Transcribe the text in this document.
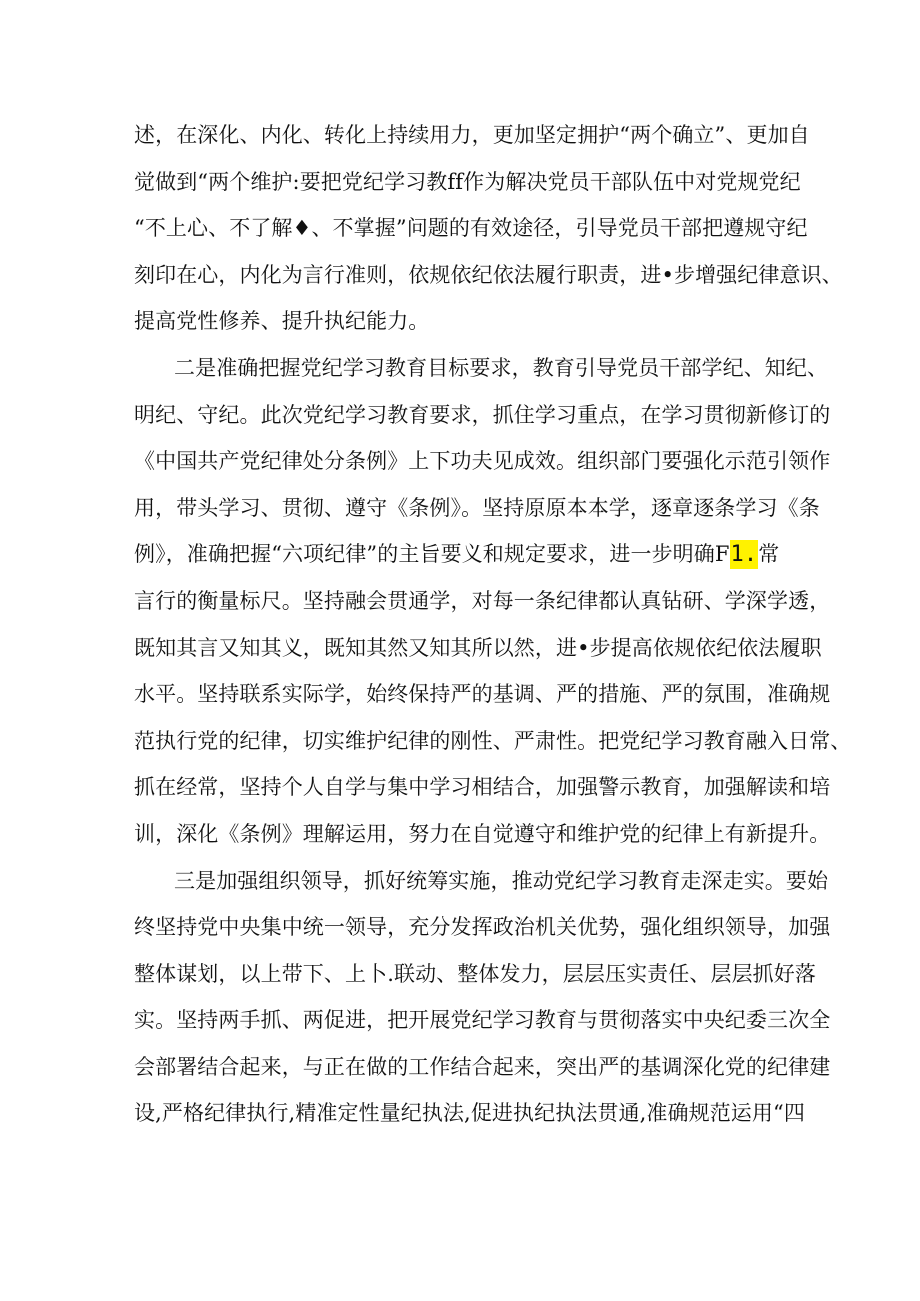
述，在深化、内化、转化上持续用力，更加坚定拥护“两个确立”、更加自
觉做到“两个维护:要把党纪学习教ff作为解决党员干部队伍中对党规党纪
“不上心、不了解♦、不掌握”问题的有效途径，引导党员干部把遵规守纪
刻印在心，内化为言行准则，依规依纪依法履行职责，进•步增强纪律意识、
提高党性修养、提升执纪能力。
二是准确把握党纪学习教育目标要求，教育引导党员干部学纪、知纪、
明纪、守纪。此次党纪学习教育要求，抓住学习重点，在学习贯彻新修订的
《中国共产党纪律处分条例》上下功夫见成效。组织部门要强化示范引领作
用，带头学习、贯彻、遵守《条例》。坚持原原本本学，逐章逐条学习《条
例》，准确把握“六项纪律”的主旨要义和规定要求，进一步明确F1.常
言行的衡量标尺。坚持融会贯通学，对每一条纪律都认真钻研、学深学透，
既知其言又知其义，既知其然又知其所以然，进•步提高依规依纪依法履职
水平。坚持联系实际学，始终保持严的基调、严的措施、严的氛围，准确规
范执行党的纪律，切实维护纪律的刚性、严肃性。把党纪学习教育融入日常、
抓在经常，坚持个人自学与集中学习相结合，加强警示教育，加强解读和培
训，深化《条例》理解运用，努力在自觉遵守和维护党的纪律上有新提升。
三是加强组织领导，抓好统筹实施，推动党纪学习教育走深走实。要始
终坚持党中央集中统一领导，充分发挥政治机关优势，强化组织领导，加强
整体谋划，以上带下、上卜.联动、整体发力，层层压实责任、层层抓好落
实。坚持两手抓、两促进，把开展党纪学习教育与贯彻落实中央纪委三次全
会部署结合起来，与正在做的工作结合起来，突出严的基调深化党的纪律建
设,严格纪律执行,精准定性量纪执法,促进执纪执法贯通,准确规范运用“四
